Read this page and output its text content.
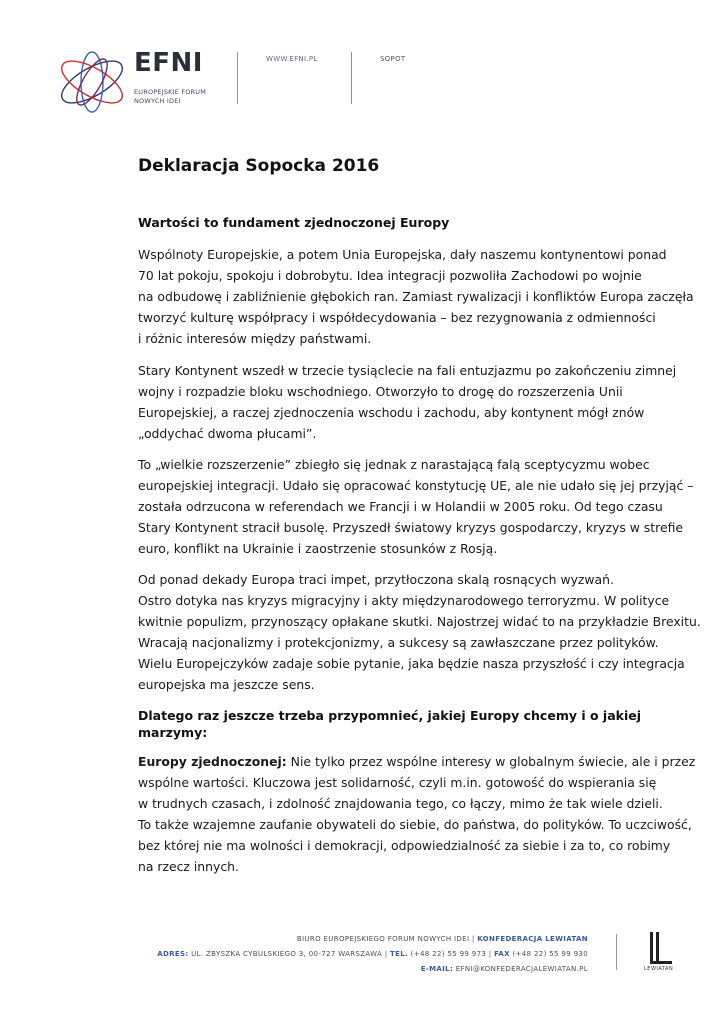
EFNI
EUROPEJSKIE FORUM
NOWYCH IDEI
WWW.EFNI.PL	SOPOT
Deklaracja Sopocka 2016
Wartości to fundament zjednoczonej Europy
Wspólnoty Europejskie, a potem Unia Europejska, dały naszemu kontynentowi ponad
70 lat pokoju, spokoju i dobrobytu. Idea integracji pozwoliła Zachodowi po wojnie
na odbudowę i zabliźnienie głębokich ran. Zamiast rywalizacji i konfliktów Europa zaczęła
tworzyć kulturę współpracy i współdecydowania – bez rezygnowania z odmienności
i różnic interesów między państwami.
Stary Kontynent wszedł w trzecie tysiąclecie na fali entuzjazmu po zakończeniu zimnej
wojny i rozpadzie bloku wschodniego. Otworzyło to drogę do rozszerzenia Unii
Europejskiej, a raczej zjednoczenia wschodu i zachodu, aby kontynent mógł znów
„oddychać dwoma płucami”.
To „wielkie rozszerzenie” zbiegło się jednak z narastającą falą sceptycyzmu wobec
europejskiej integracji. Udało się opracować konstytucję UE, ale nie udało się jej przyjąć –
została odrzucona w referendach we Francji i w Holandii w 2005 roku. Od tego czasu
Stary Kontynent stracił busolę. Przyszedł światowy kryzys gospodarczy, kryzys w strefie
euro, konflikt na Ukrainie i zaostrzenie stosunków z Rosją.
Od ponad dekady Europa traci impet, przytłoczona skalą rosnących wyzwań.
Ostro dotyka nas kryzys migracyjny i akty międzynarodowego terroryzmu. W polityce
kwitnie populizm, przynoszący opłakane skutki. Najostrzej widać to na przykładzie Brexitu.
Wracają nacjonalizmy i protekcjonizmy, a sukcesy są zawłaszczane przez polityków.
Wielu Europejczyków zadaje sobie pytanie, jaka będzie nasza przyszłość i czy integracja
europejska ma jeszcze sens.
Dlatego raz jeszcze trzeba przypomnieć, jakiej Europy chcemy i o jakiej
marzymy:
Europy zjednoczonej: Nie tylko przez wspólne interesy w globalnym świecie, ale i przez
wspólne wartości. Kluczowa jest solidarność, czyli m.in. gotowość do wspierania się
w trudnych czasach, i zdolność znajdowania tego, co łączy, mimo że tak wiele dzieli.
To także wzajemne zaufanie obywateli do siebie, do państwa, do polityków. To uczciwość,
bez której nie ma wolności i demokracji, odpowiedzialność za siebie i za to, co robimy
na rzecz innych.
BIURO EUROPEJSKIEGO FORUM NOWYCH IDEI | KONFEDERACJA LEWIATAN
ADRES: UL. ZBYSZKA CYBULSKIEGO 3, 00-727 WARSZAWA | TEL. (+48 22) 55 99 973 | FAX (+48 22) 55 99 930
E-MAIL: EFNI@KONFEDERACJALEWIATAN.PL	LEWIATAN
